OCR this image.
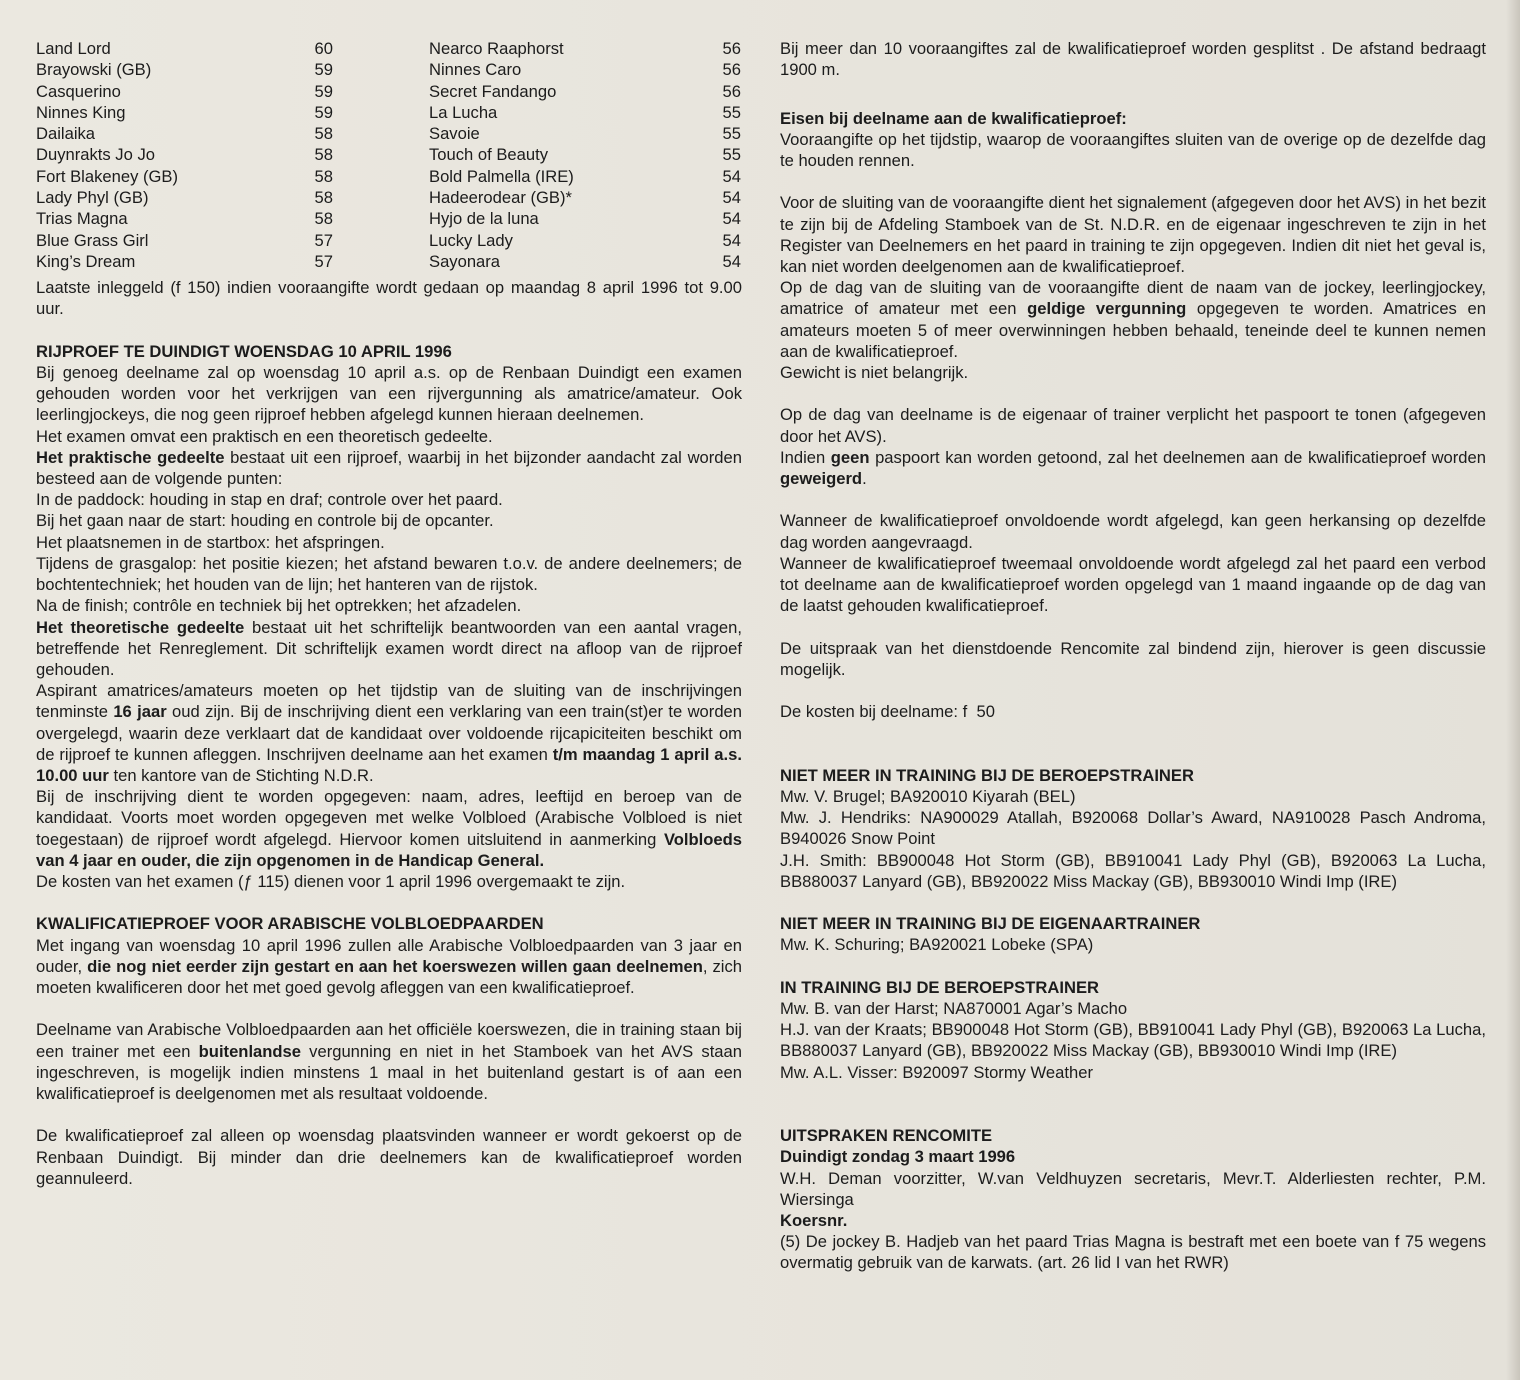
Land Lord	60
Brayowski (GB)	59
Casquerino	59
Ninnes King	59
Dailaika	58
Duynrakts Jo Jo	58
Fort Blakeney (GB)	58
Lady Phyl (GB)	58
Trias Magna	58
Blue Grass Girl	57
King’s Dream	57
Nearco Raaphorst	56
Ninnes Caro	56
Secret Fandango	56
La Lucha	55
Savoie	55
Touch of Beauty	55
Bold Palmella (IRE)	54
Hadeerodear (GB)*	54
Hyjo de la luna	54
Lucky Lady	54
Sayonara	54

Laatste inleggeld (f 150) indien vooraangifte wordt gedaan op maandag 8 april 1996 tot 9.00 uur.

RIJPROEF TE DUINDIGT WOENSDAG 10 APRIL 1996

Bij genoeg deelname zal op woensdag 10 april a.s. op de Renbaan Duindigt een examen gehouden worden voor het verkrijgen van een rijvergunning als amatrice/amateur. Ook leerlingjockeys, die nog geen rijproef hebben afgelegd kunnen hieraan deelnemen.

Het examen omvat een praktisch en een theoretisch gedeelte.

Het praktische gedeelte bestaat uit een rijproef, waarbij in het bijzonder aandacht zal worden besteed aan de volgende punten:

In de paddock: houding in stap en draf; controle over het paard.

Bij het gaan naar de start: houding en controle bij de opcanter.

Het plaatsnemen in de startbox: het afspringen.

Tijdens de grasgalop: het positie kiezen; het afstand bewaren t.o.v. de andere deelnemers; de bochtentechniek; het houden van de lijn; het hanteren van de rijstok.

Na de finish; contrôle en techniek bij het optrekken; het afzadelen.

Het theoretische gedeelte bestaat uit het schriftelijk beantwoorden van een aantal vragen, betreffende het Renreglement. Dit schriftelijk examen wordt direct na afloop van de rijproef gehouden.

Aspirant amatrices/amateurs moeten op het tijdstip van de sluiting van de inschrijvingen tenminste 16 jaar oud zijn. Bij de inschrijving dient een verklaring van een train(st)er te worden overgelegd, waarin deze verklaart dat de kandidaat over voldoende rijcapiciteiten beschikt om de rijproef te kunnen afleggen. Inschrijven deelname aan het examen t/m maandag 1 april a.s. 10.00 uur ten kantore van de Stichting N.D.R.

Bij de inschrijving dient te worden opgegeven: naam, adres, leeftijd en beroep van de kandidaat. Voorts moet worden opgegeven met welke Volbloed (Arabische Volbloed is niet toegestaan) de rijproef wordt afgelegd. Hiervoor komen uitsluitend in aanmerking Volbloeds van 4 jaar en ouder, die zijn opgenomen in de Handicap General.

De kosten van het examen (ƒ 115) dienen voor 1 april 1996 overgemaakt te zijn.

KWALIFICATIEPROEF VOOR ARABISCHE VOLBLOEDPAARDEN

Met ingang van woensdag 10 april 1996 zullen alle Arabische Volbloedpaarden van 3 jaar en ouder, die nog niet eerder zijn gestart en aan het koerswezen willen gaan deelnemen, zich moeten kwalificeren door het met goed gevolg afleggen van een kwalificatieproef.

Deelname van Arabische Volbloedpaarden aan het officiële koerswezen, die in training staan bij een trainer met een buitenlandse vergunning en niet in het Stamboek van het AVS staan ingeschreven, is mogelijk indien minstens 1 maal in het buitenland gestart is of aan een kwalificatieproef is deelgenomen met als resultaat voldoende.

De kwalificatieproef zal alleen op woensdag plaatsvinden wanneer er wordt gekoerst op de Renbaan Duindigt. Bij minder dan drie deelnemers kan de kwalificatieproef worden geannuleerd.

Bij meer dan 10 vooraangiftes zal de kwalificatieproef worden gesplitst . De afstand bedraagt 1900 m.

Eisen bij deelname aan de kwalificatieproef:

Vooraangifte op het tijdstip, waarop de vooraangiftes sluiten van de overige op de dezelfde dag te houden rennen.

Voor de sluiting van de vooraangifte dient het signalement (afgegeven door het AVS) in het bezit te zijn bij de Afdeling Stamboek van de St. N.D.R. en de eigenaar ingeschreven te zijn in het Register van Deelnemers en het paard in training te zijn opgegeven. Indien dit niet het geval is, kan niet worden deelgenomen aan de kwalificatieproef.

Op de dag van de sluiting van de vooraangifte dient de naam van de jockey, leerlingjockey, amatrice of amateur met een geldige vergunning opgegeven te worden. Amatrices en amateurs moeten 5 of meer overwinningen hebben behaald, teneinde deel te kunnen nemen aan de kwalificatieproef.

Gewicht is niet belangrijk.

Op de dag van deelname is de eigenaar of trainer verplicht het paspoort te tonen (afgegeven door het AVS).

Indien geen paspoort kan worden getoond, zal het deelnemen aan de kwalificatieproef worden geweigerd.

Wanneer de kwalificatieproef onvoldoende wordt afgelegd, kan geen herkansing op dezelfde dag worden aangevraagd.

Wanneer de kwalificatieproef tweemaal onvoldoende wordt afgelegd zal het paard een verbod tot deelname aan de kwalificatieproef worden opgelegd van 1 maand ingaande op de dag van de laatst gehouden kwalificatieproef.

De uitspraak van het dienstdoende Rencomite zal bindend zijn, hierover is geen discussie mogelijk.

De kosten bij deelname: f  50

NIET MEER IN TRAINING BIJ DE BEROEPSTRAINER

Mw. V. Brugel; BA920010 Kiyarah (BEL)

Mw. J. Hendriks: NA900029 Atallah, B920068 Dollar’s Award, NA910028 Pasch Androma, B940026 Snow Point

J.H. Smith: BB900048 Hot Storm (GB), BB910041 Lady Phyl (GB), B920063 La Lucha, BB880037 Lanyard (GB), BB920022 Miss Mackay (GB), BB930010 Windi Imp (IRE)

NIET MEER IN TRAINING BIJ DE EIGENAARTRAINER

Mw. K. Schuring; BA920021 Lobeke (SPA)

IN TRAINING BIJ DE BEROEPSTRAINER

Mw. B. van der Harst; NA870001 Agar’s Macho

H.J. van der Kraats; BB900048 Hot Storm (GB), BB910041 Lady Phyl (GB), B920063 La Lucha, BB880037 Lanyard (GB), BB920022 Miss Mackay (GB), BB930010 Windi Imp (IRE)

Mw. A.L. Visser: B920097 Stormy Weather

UITSPRAKEN RENCOMITE

Duindigt zondag 3 maart 1996

W.H. Deman voorzitter, W.van Veldhuyzen secretaris, Mevr.T. Alderliesten rechter, P.M. Wiersinga

Koersnr.

(5) De jockey B. Hadjeb van het paard Trias Magna is bestraft met een boete van f 75 wegens overmatig gebruik van de karwats. (art. 26 lid I van het RWR)
